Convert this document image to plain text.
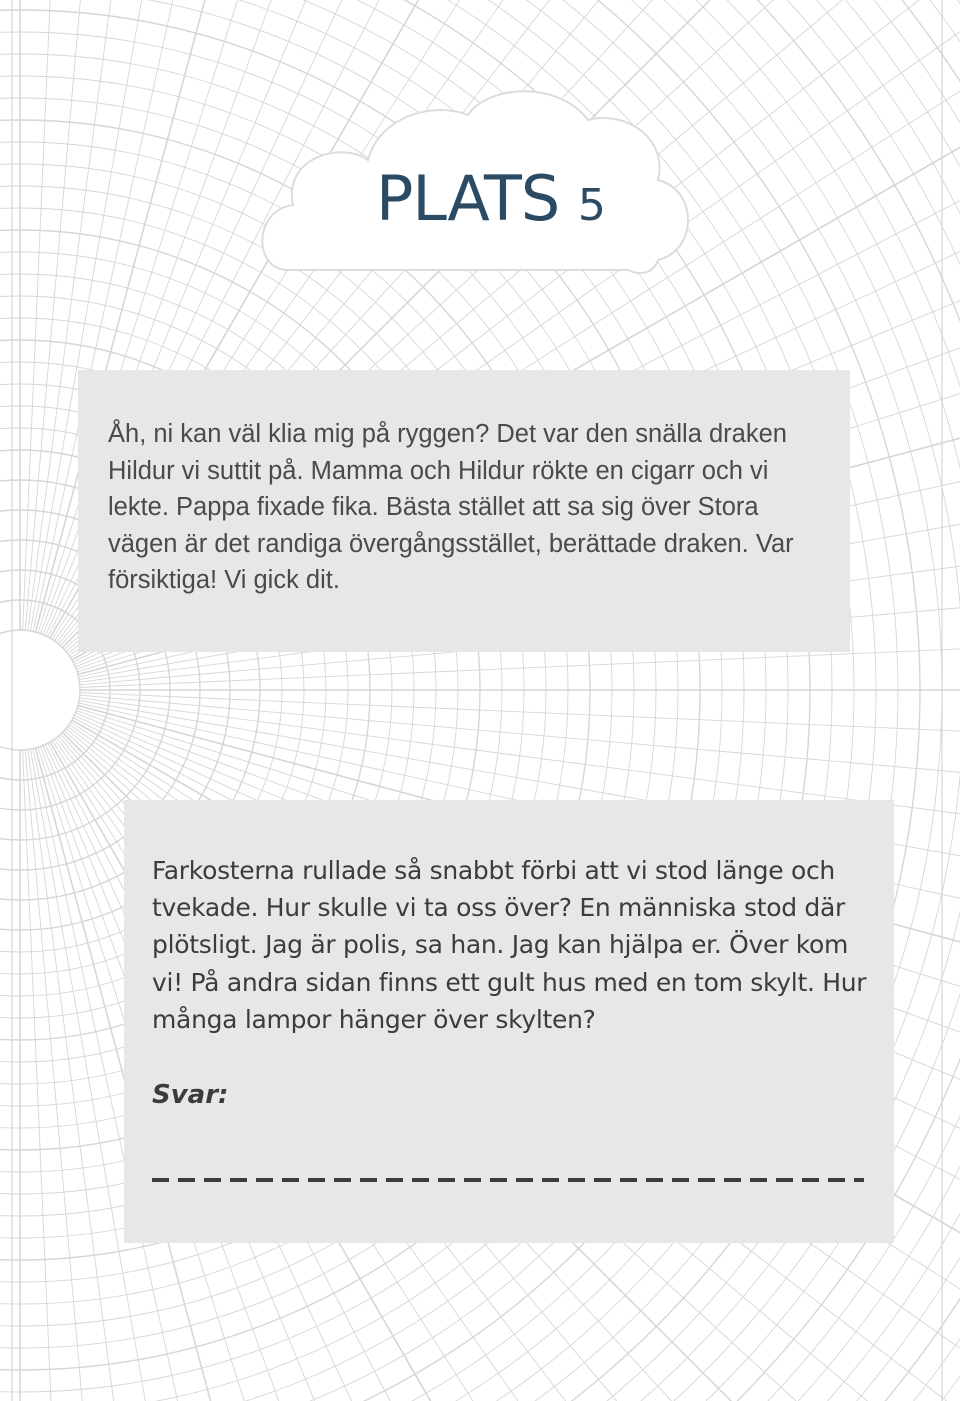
PLATS 5
Åh, ni kan väl klia mig på ryggen? Det var den snälla draken Hildur vi suttit på. Mamma och Hildur rökte en cigarr och vi lekte. Pappa fixade fika. Bästa stället att sa sig över Stora vägen är det randiga övergångsstället, berättade draken. Var försiktiga! Vi gick dit.
Farkosterna rullade så snabbt förbi att vi stod länge och tvekade. Hur skulle vi ta oss över? En människa stod där plötsligt. Jag är polis, sa han. Jag kan hjälpa er. Över kom vi! På andra sidan finns ett gult hus med en tom skylt. Hur många lampor hänger över skylten?
Svar:
